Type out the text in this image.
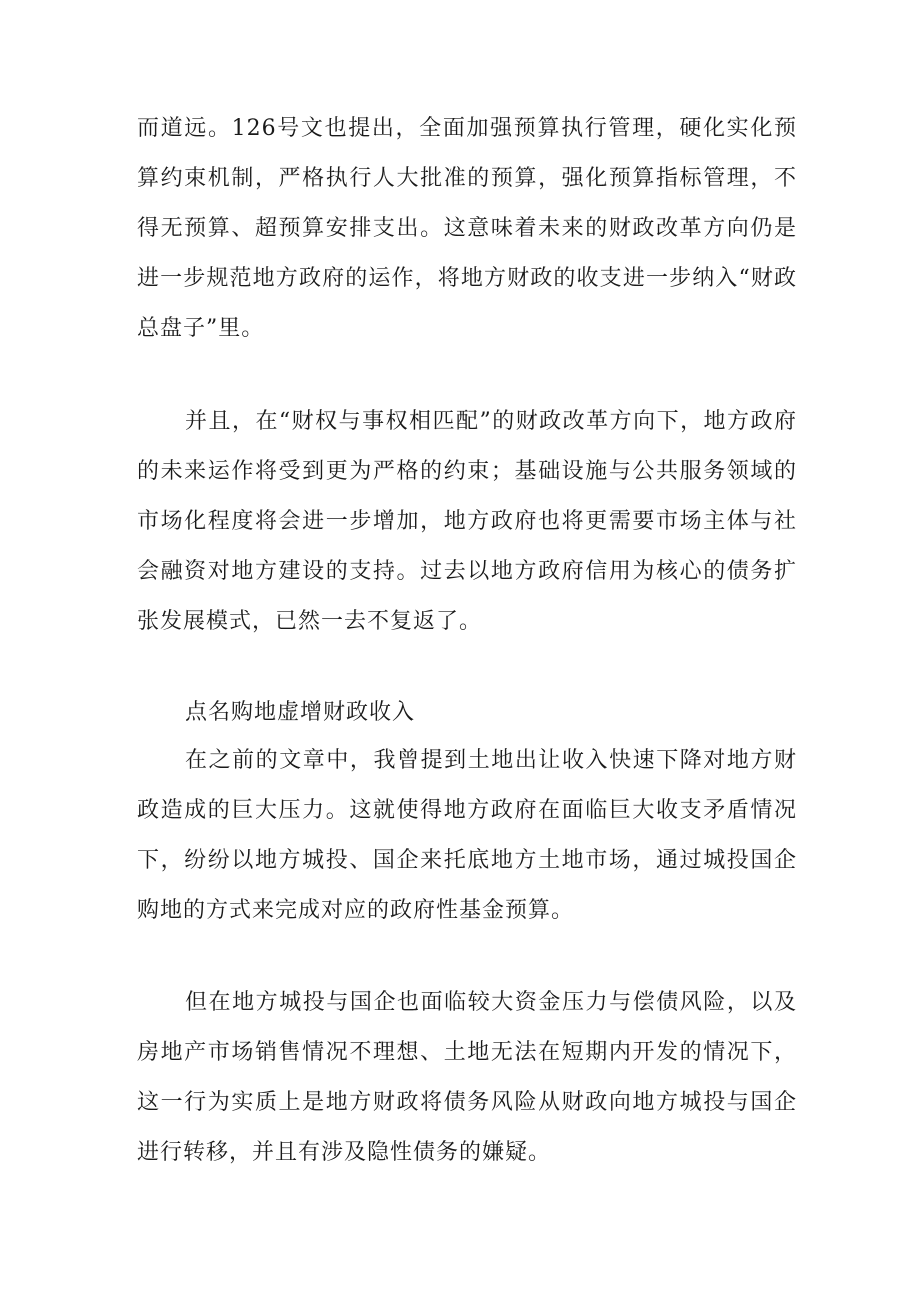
而道远。126号文也提出，全面加强预算执行管理，硬化实化预算约束机制，严格执行人大批准的预算，强化预算指标管理，不得无预算、超预算安排支出。这意味着未来的财政改革方向仍是进一步规范地方政府的运作，将地方财政的收支进一步纳入“财政总盘子”里。

并且，在“财权与事权相匹配”的财政改革方向下，地方政府的未来运作将受到更为严格的约束；基础设施与公共服务领域的市场化程度将会进一步增加，地方政府也将更需要市场主体与社会融资对地方建设的支持。过去以地方政府信用为核心的债务扩张发展模式，已然一去不复返了。

点名购地虚增财政收入

在之前的文章中，我曾提到土地出让收入快速下降对地方财政造成的巨大压力。这就使得地方政府在面临巨大收支矛盾情况下，纷纷以地方城投、国企来托底地方土地市场，通过城投国企购地的方式来完成对应的政府性基金预算。

但在地方城投与国企也面临较大资金压力与偿债风险，以及房地产市场销售情况不理想、土地无法在短期内开发的情况下，这一行为实质上是地方财政将债务风险从财政向地方城投与国企进行转移，并且有涉及隐性债务的嫌疑。
